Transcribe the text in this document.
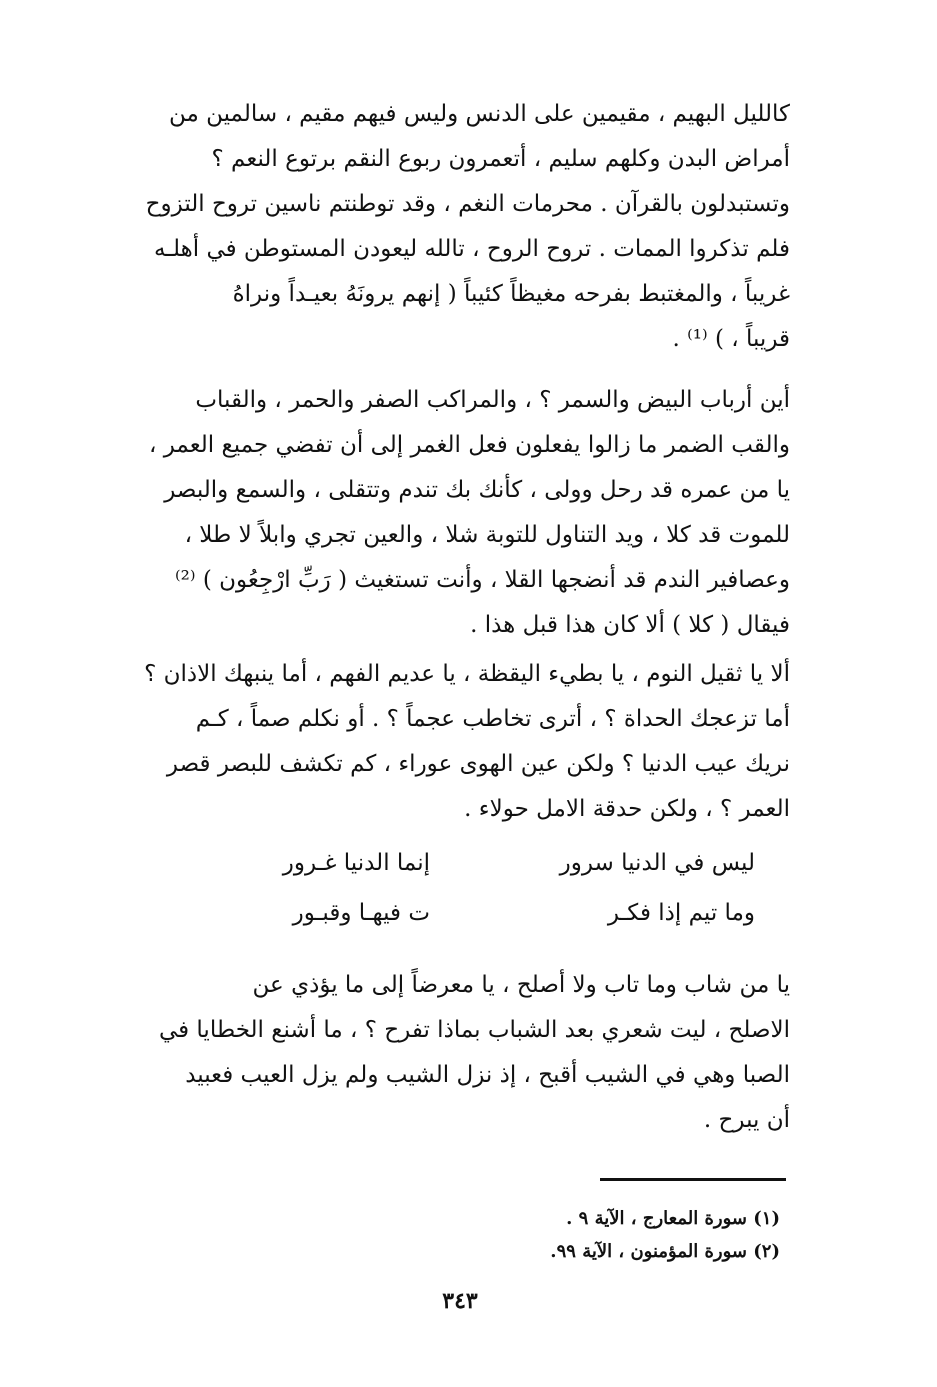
كالليل البهيم ، مقيمين على الدنس وليس فيهم مقيم ، سالمين من
أمراض البدن وكلهم سليم ، أتعمرون ربوع النقم برتوع النعم ؟
وتستبدلون بالقرآن . محرمات النغم ، وقد توطنتم ناسين تروح التزوح
فلم تذكروا الممات . تروح الروح ، تالله ليعودن المستوطن في أهلـه
غريباً ، والمغتبط بفرحه مغيظاً كئيباً ( إنهم يرونَهُ بعيـداً ونراهُ
قريباً ، ) ⁽¹⁾ .

أين أرباب البيض والسمر ؟ ، والمراكب الصفر والحمر ، والقباب
والقب الضمر ما زالوا يفعلون فعل الغمر إلى أن تفضي جميع العمر ،
يا من عمره قد رحل وولى ، كأنك بك تندم وتتقلى ، والسمع والبصر
للموت قد كلا ، ويد التناول للتوبة شلا ، والعين تجري وابلاً لا طلا ،
وعصافير الندم قد أنضجها القلا ، وأنت تستغيث ( رَبِّ ارْجِعُون ) ⁽²⁾
فيقال ( كلا ) ألا كان هذا قبل هذا .

ألا يا ثقيل النوم ، يا بطيء اليقظة ، يا عديم الفهم ، أما ينبهك الاذان ؟
أما تزعجك الحداة ؟ ، أترى تخاطب عجماً ؟ . أو نكلم صماً ، كـم
نريك عيب الدنيا ؟ ولكن عين الهوى عوراء ، كم تكشف للبصر قصر
العمر ؟ ، ولكن حدقة الامل حولاء .

ليس في الدنيا سرور
إنما الدنيا غـرور
وما تيم إذا فكـر
ت فيهـا وقبـور

يا من شاب وما تاب ولا أصلح ، يا معرضاً إلى ما يؤذي عن
الاصلح ، ليت شعري بعد الشباب بماذا تفرح ؟ ، ما أشنع الخطايا في
الصبا وهي في الشيب أقبح ، إذ نزل الشيب ولم يزل العيب فعبيد
أن يبرح .

(١) سورة المعارج ، الآية ٩ .
(٢) سورة المؤمنون ، الآية ٩٩.
٣٤٣
